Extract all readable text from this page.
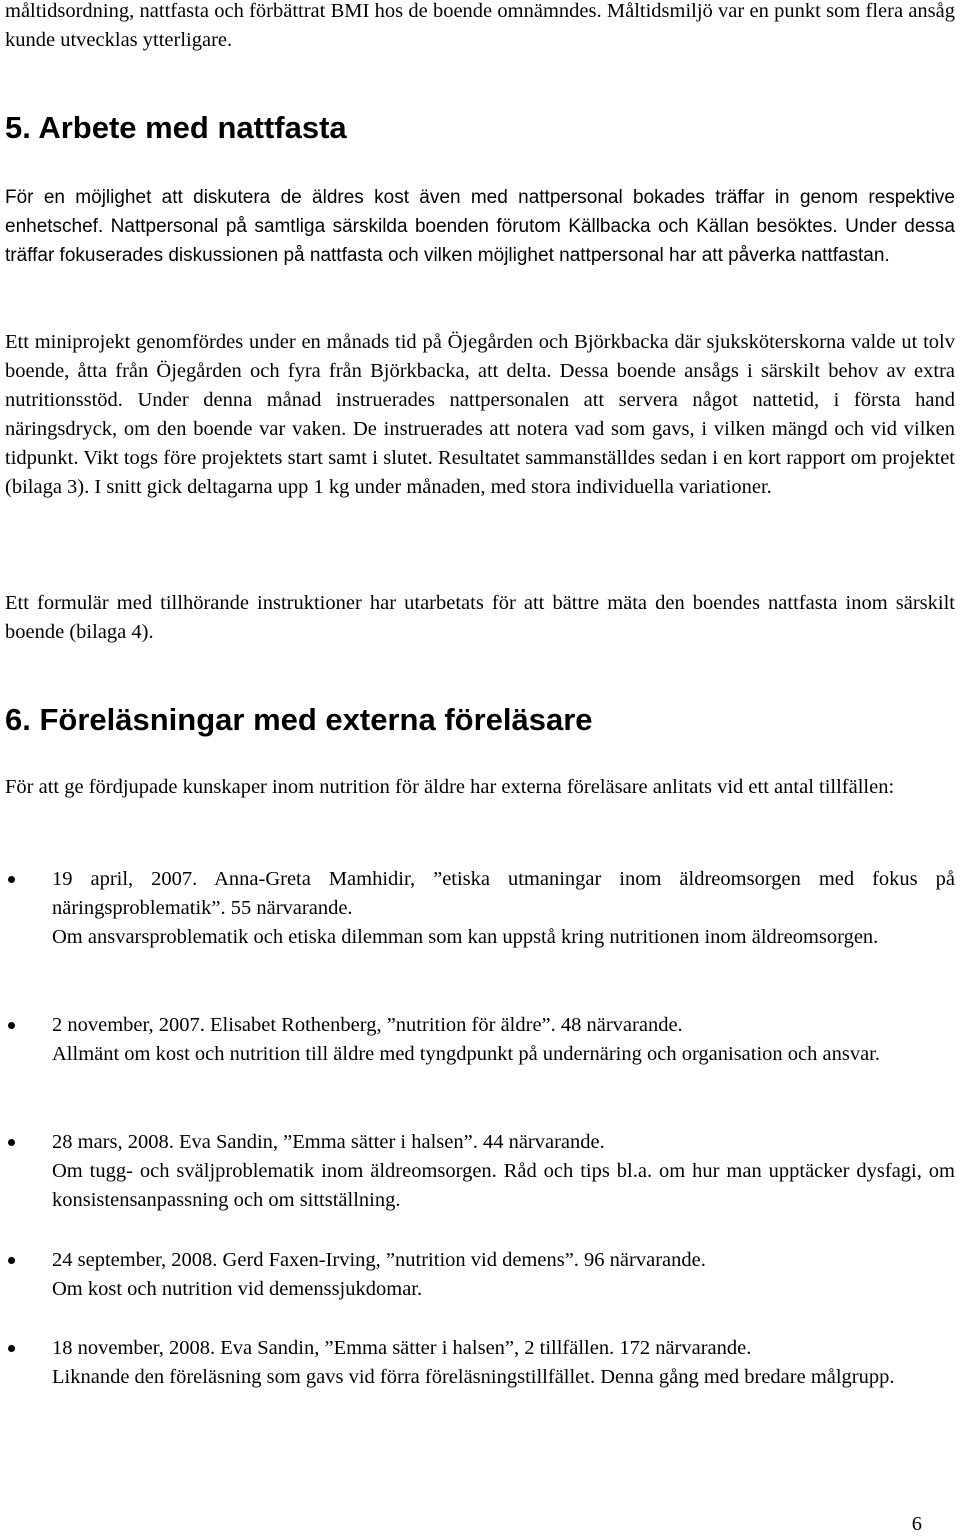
måltidsordning, nattfasta och förbättrat BMI hos de boende omnämndes. Måltidsmiljö var en punkt som flera ansåg kunde utvecklas ytterligare.

5. Arbete med nattfasta

För en möjlighet att diskutera de äldres kost även med nattpersonal bokades träffar in genom respektive enhetschef. Nattpersonal på samtliga särskilda boenden förutom Källbacka och Källan besöktes. Under dessa träffar fokuserades diskussionen på nattfasta och vilken möjlighet nattpersonal har att påverka nattfastan.

Ett miniprojekt genomfördes under en månads tid på Öjegården och Björkbacka där sjuksköterskorna valde ut tolv boende, åtta från Öjegården och fyra från Björkbacka, att delta. Dessa boende ansågs i särskilt behov av extra nutritionsstöd. Under denna månad instruerades nattpersonalen att servera något nattetid, i första hand näringsdryck, om den boende var vaken. De instruerades att notera vad som gavs, i vilken mängd och vid vilken tidpunkt. Vikt togs före projektets start samt i slutet. Resultatet sammanställdes sedan i en kort rapport om projektet (bilaga 3). I snitt gick deltagarna upp 1 kg under månaden, med stora individuella variationer.

Ett formulär med tillhörande instruktioner har utarbetats för att bättre mäta den boendes nattfasta inom särskilt boende (bilaga 4).

6. Föreläsningar med externa föreläsare

För att ge fördjupade kunskaper inom nutrition för äldre har externa föreläsare anlitats vid ett antal tillfällen:

19 april, 2007. Anna-Greta Mamhidir, ”etiska utmaningar inom äldreomsorgen med fokus på näringsproblematik”. 55 närvarande.
Om ansvarsproblematik och etiska dilemman som kan uppstå kring nutritionen inom äldreomsorgen.

2 november, 2007. Elisabet Rothenberg, ”nutrition för äldre”. 48 närvarande.
Allmänt om kost och nutrition till äldre med tyngdpunkt på undernäring och organisation och ansvar.

28 mars, 2008. Eva Sandin, ”Emma sätter i halsen”. 44 närvarande.
Om tugg- och sväljproblematik inom äldreomsorgen. Råd och tips bl.a. om hur man upptäcker dysfagi, om konsistensanpassning och om sittställning.

24 september, 2008. Gerd Faxen-Irving, ”nutrition vid demens”. 96 närvarande.
Om kost och nutrition vid demenssjukdomar.

18 november, 2008. Eva Sandin, ”Emma sätter i halsen”, 2 tillfällen. 172 närvarande.
Liknande den föreläsning som gavs vid förra föreläsningstillfället. Denna gång med bredare målgrupp.

6
